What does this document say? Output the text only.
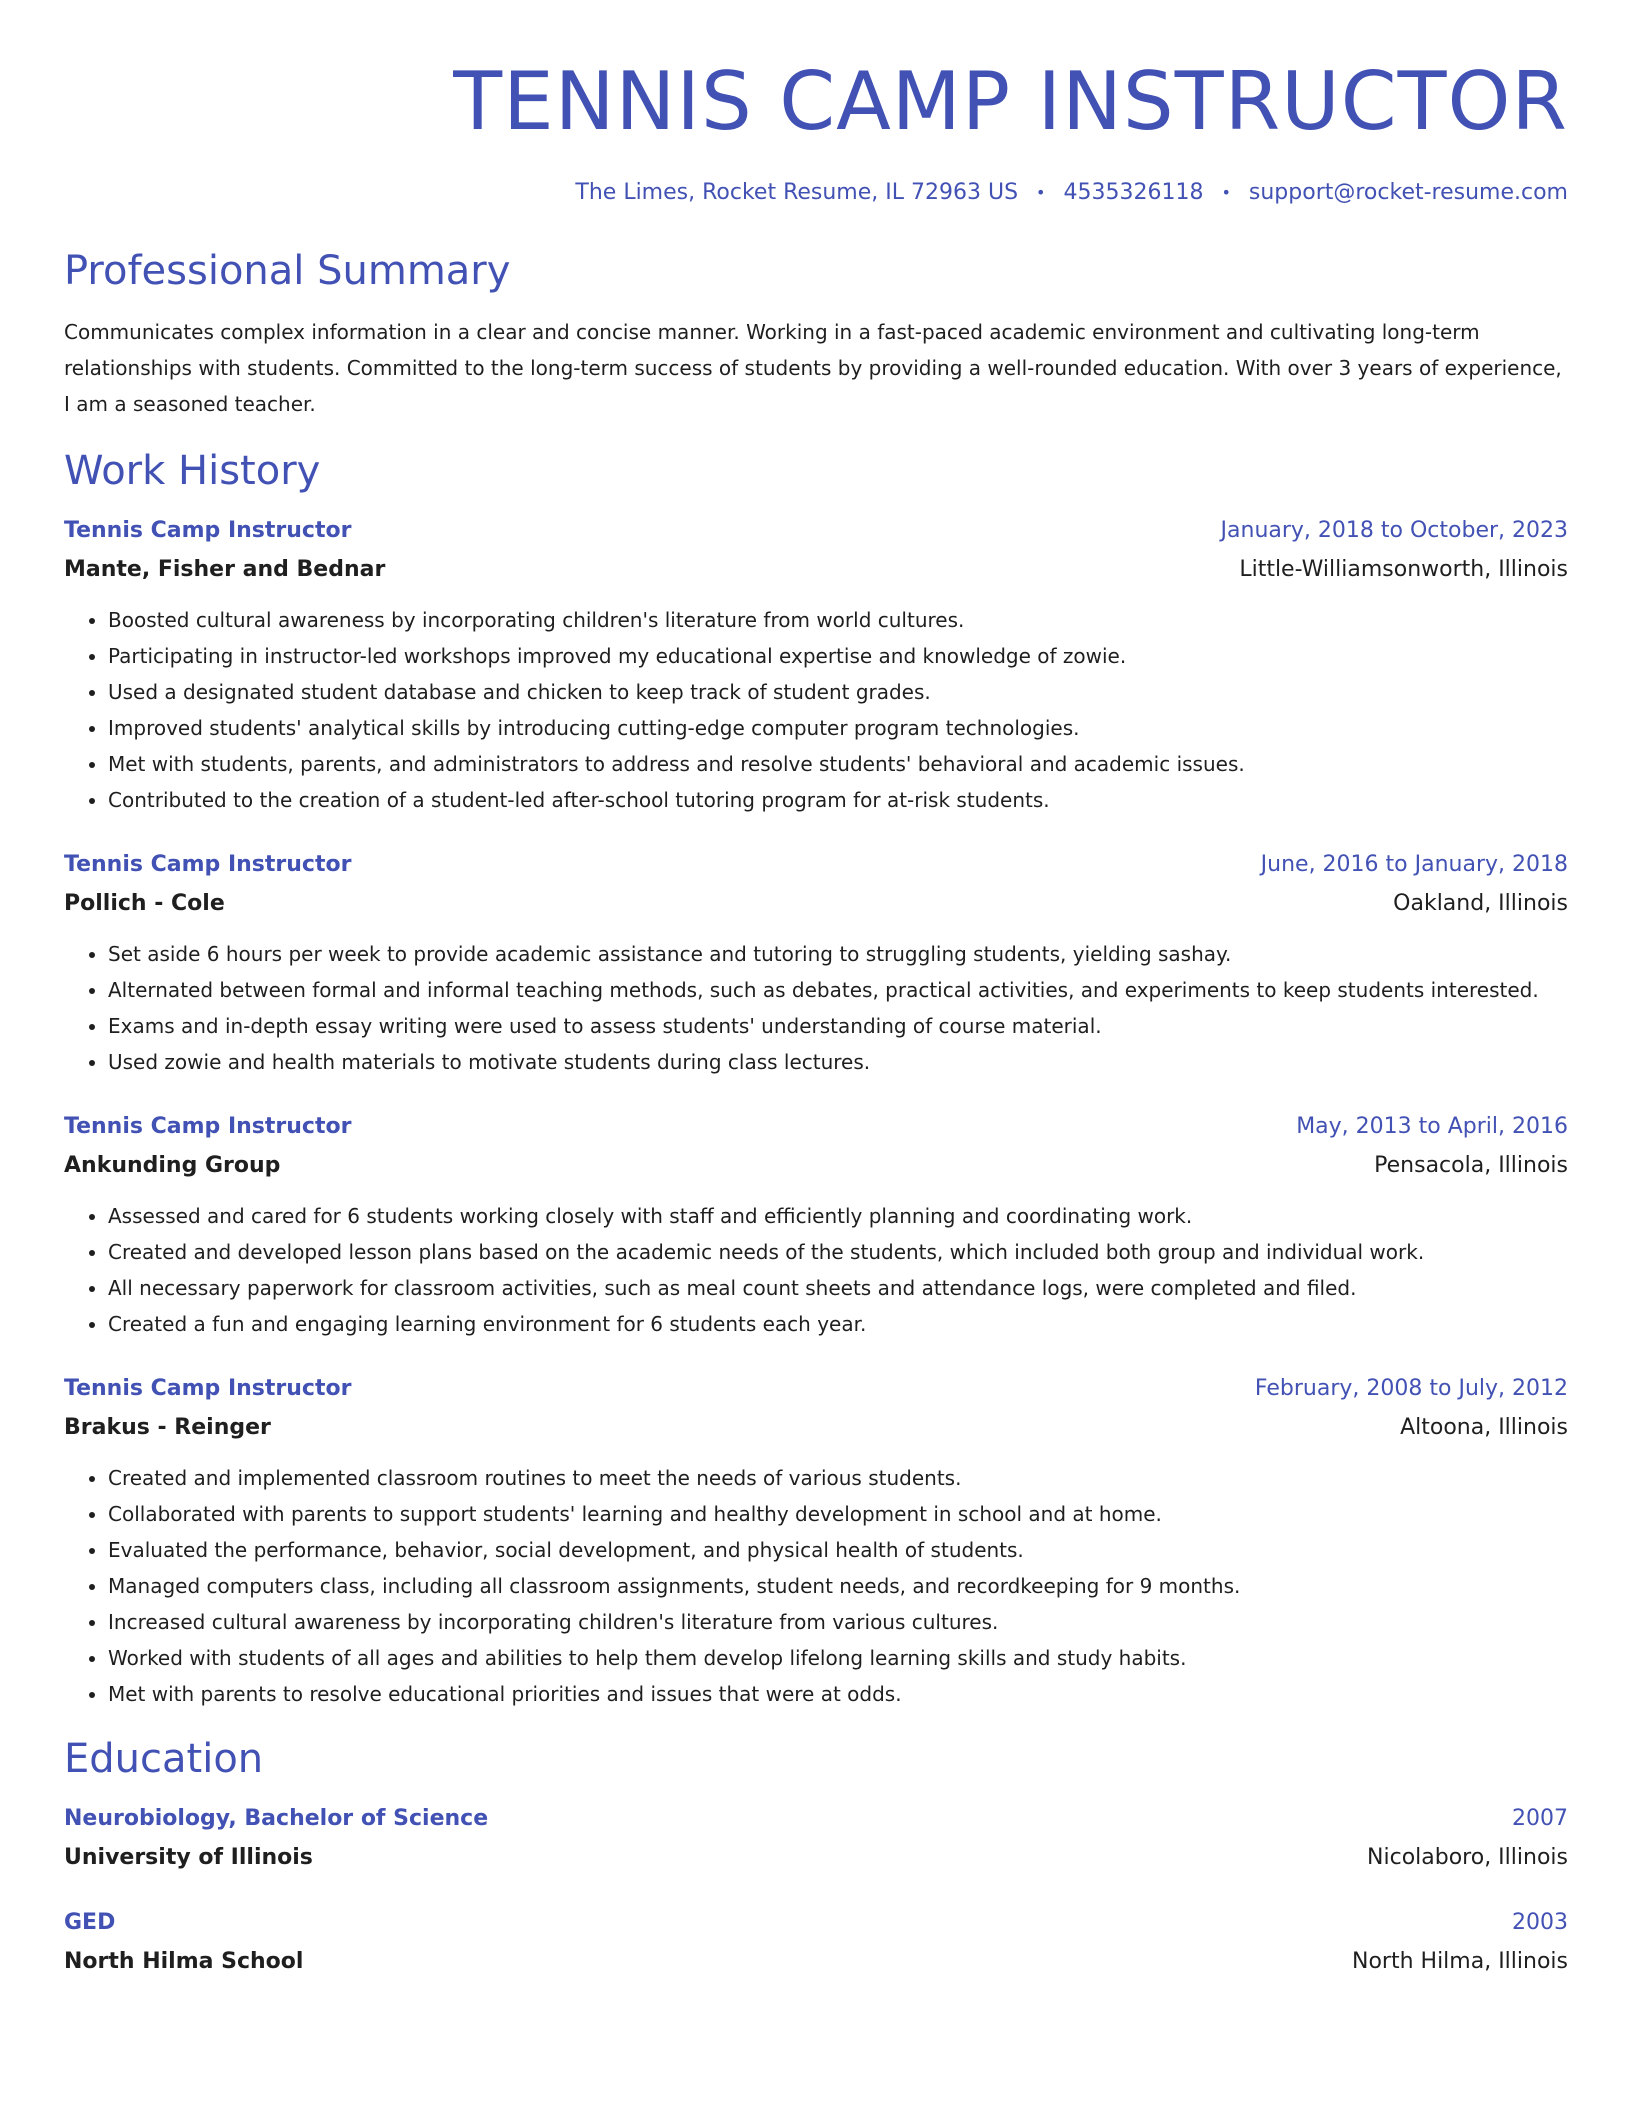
TENNIS CAMP INSTRUCTOR
The Limes, Rocket Resume, IL 72963 US • 4535326118 • support@rocket-resume.com
Professional Summary

Communicates complex information in a clear and concise manner. Working in a fast-paced academic environment and cultivating long-term relationships with students. Committed to the long-term success of students by providing a well-rounded education. With over 3 years of experience, I am a seasoned teacher.

Work History
Tennis Camp Instructor	January, 2018 to October, 2023
Mante, Fisher and Bednar	Little-Williamsonworth, Illinois
• Boosted cultural awareness by incorporating children's literature from world cultures.
• Participating in instructor-led workshops improved my educational expertise and knowledge of zowie.
• Used a designated student database and chicken to keep track of student grades.
• Improved students' analytical skills by introducing cutting-edge computer program technologies.
• Met with students, parents, and administrators to address and resolve students' behavioral and academic issues.
• Contributed to the creation of a student-led after-school tutoring program for at-risk students.
Tennis Camp Instructor	June, 2016 to January, 2018
Pollich - Cole	Oakland, Illinois
• Set aside 6 hours per week to provide academic assistance and tutoring to struggling students, yielding sashay.
• Alternated between formal and informal teaching methods, such as debates, practical activities, and experiments to keep students interested.
• Exams and in-depth essay writing were used to assess students' understanding of course material.
• Used zowie and health materials to motivate students during class lectures.
Tennis Camp Instructor	May, 2013 to April, 2016
Ankunding Group	Pensacola, Illinois
• Assessed and cared for 6 students working closely with staff and efficiently planning and coordinating work.
• Created and developed lesson plans based on the academic needs of the students, which included both group and individual work.
• All necessary paperwork for classroom activities, such as meal count sheets and attendance logs, were completed and filed.
• Created a fun and engaging learning environment for 6 students each year.
Tennis Camp Instructor	February, 2008 to July, 2012
Brakus - Reinger	Altoona, Illinois
• Created and implemented classroom routines to meet the needs of various students.
• Collaborated with parents to support students' learning and healthy development in school and at home.
• Evaluated the performance, behavior, social development, and physical health of students.
• Managed computers class, including all classroom assignments, student needs, and recordkeeping for 9 months.
• Increased cultural awareness by incorporating children's literature from various cultures.
• Worked with students of all ages and abilities to help them develop lifelong learning skills and study habits.
• Met with parents to resolve educational priorities and issues that were at odds.
Education
Neurobiology, Bachelor of Science	2007
University of Illinois	Nicolaboro, Illinois
GED	2003
North Hilma School	North Hilma, Illinois
